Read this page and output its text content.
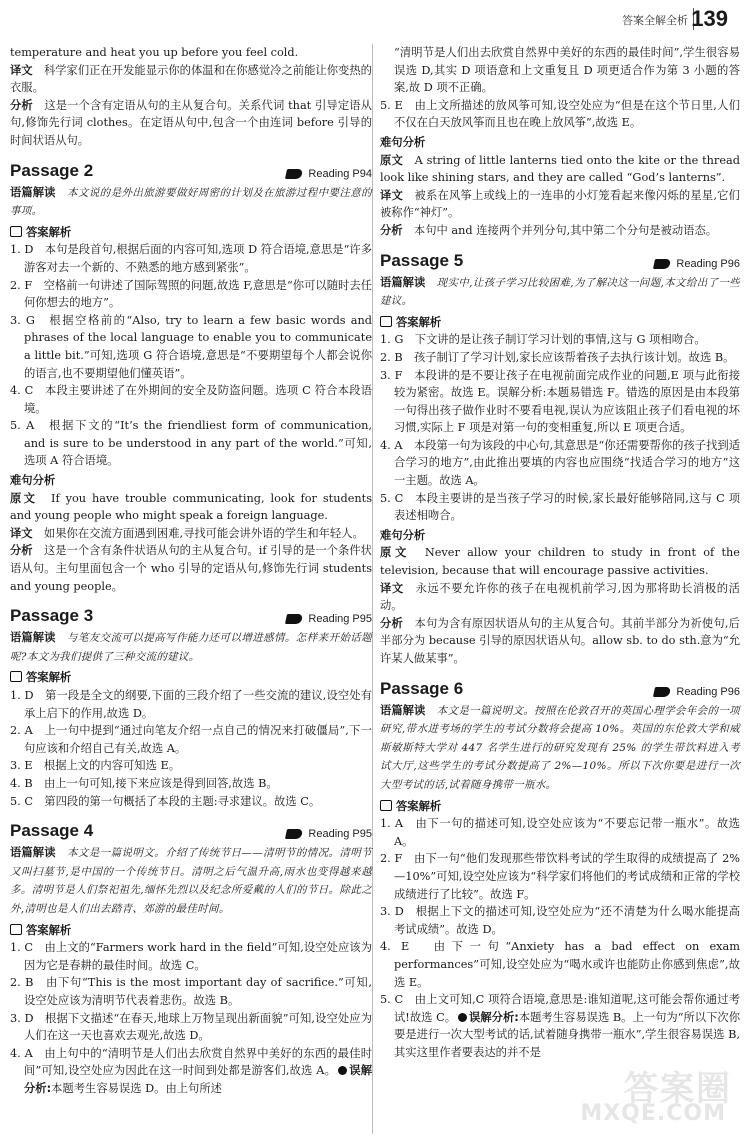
答案全解全析 139

temperature and heat you up before you feel cold.

译文　 科学家们正在开发能显示你的体温和在你感觉冷之前能让你变热的衣服。

分析　 这是一个含有定语从句的主从复合句。关系代词 that 引导定语从句,修饰先行词 clothes。在定语从句中,包含一个由连词 before 引导的时间状语从句。

Passage 2	Reading P94

语篇解读　 本文说的是外出旅游要做好周密的计划及在旅游过程中要注意的事项。

答案解析

1. D　本句是段首句,根据后面的内容可知,选项 D 符合语境,意思是“许多游客对去一个新的、不熟悉的地方感到紧张”。

2. F　空格前一句讲述了国际驾照的问题,故选 F,意思是“你可以随时去任何你想去的地方”。

3. G　根据空格前的“Also, try to learn a few basic words and phrases of the local language to enable you to communicate a little bit.”可知,选项 G 符合语境,意思是“不要期望每个人都会说你的语言,也不要期望他们懂英语”。

4. C　本段主要讲述了在外期间的安全及防盗问题。选项 C 符合本段语境。

5. A　根据下文的“It’s the friendliest form of communication, and is sure to be understood in any part of the world.”可知,选项 A 符合语境。

难句分析

原文　 If you have trouble communicating, look for students and young people who might speak a foreign language.

译文　 如果你在交流方面遇到困难,寻找可能会讲外语的学生和年轻人。

分析　 这是一个含有条件状语从句的主从复合句。if 引导的是一个条件状语从句。主句里面包含一个 who 引导的定语从句,修饰先行词 students and young people。

Passage 3	Reading P95

语篇解读　 与笔友交流可以提高写作能力还可以增进感情。怎样来开始话题呢?本文为我们提供了三种交流的建议。

答案解析

1. D　第一段是全文的纲要,下面的三段介绍了一些交流的建议,设空处有承上启下的作用,故选 D。

2. A　上一句中提到“通过向笔友介绍一点自己的情况来打破僵局”,下一句应该和介绍自己有关,故选 A。

3. E　根据上文的内容可知选 E。

4. B　由上一句可知,接下来应该是得到回答,故选 B。

5. C　第四段的第一句概括了本段的主题:寻求建议。故选 C。

Passage 4	Reading P95

语篇解读　 本文是一篇说明文。介绍了传统节日——清明节的情况。清明节又叫扫墓节,是中国的一个传统节日。清明之后气温升高,雨水也变得越来越多。清明节是人们祭祀祖先,缅怀先烈以及纪念所爱戴的人们的节日。除此之外,清明也是人们出去踏青、郊游的最佳时间。

答案解析

1. C　由上文的“Farmers work hard in the field”可知,设空处应该为因为它是春耕的最佳时间。故选 C。

2. B　由下句“This is the most important day of sacrifice.”可知,设空处应该为清明节代表着悲伤。故选 B。

3. D　根据下文描述“在春天,地球上万物呈现出新面貌”可知,设空处应为人们在这一天也喜欢去观光,故选 D。

4. A　由上句中的“清明节是人们出去欣赏自然界中美好的东西的最佳时间”可知,设空处应为因此在这一时间到处都是游客们,故选 A。 误解分析:本题考生容易误选 D。由上句所述

“清明节是人们出去欣赏自然界中美好的东西的最佳时间”,学生很容易误选 D,其实 D 项语意和上文重复且 D 项更适合作为第 3 小题的答案,故 D 项不正确。

5. E　由上文所描述的放风筝可知,设空处应为“但是在这个节日里,人们不仅在白天放风筝而且也在晚上放风筝”,故选 E。

难句分析

原文　 A string of little lanterns tied onto the kite or the thread look like shining stars, and they are called “God’s lanterns”.

译文　 被系在风筝上或线上的一连串的小灯笼看起来像闪烁的星星,它们被称作“神灯”。

分析　 本句中 and 连接两个并列分句,其中第二个分句是被动语态。

Passage 5	Reading P96

语篇解读　 现实中,让孩子学习比较困难,为了解决这一问题,本文给出了一些建议。

答案解析

1. G　下文讲的是让孩子制订学习计划的事情,这与 G 项相吻合。

2. B　孩子制订了学习计划,家长应该帮着孩子去执行该计划。故选 B。

3. F　本段讲的是不要让孩子在电视前面完成作业的问题,E 项与此衔接较为紧密。故选 E。误解分析:本题易错选 F。错选的原因是由本段第一句得出孩子做作业时不要看电视,误认为应该阻止孩子们看电视的坏习惯,实际上 F 项是对第一句的变相重复,所以 E 项更合适。

4. A　本段第一句为该段的中心句,其意思是“你还需要帮你的孩子找到适合学习的地方”,由此推出要填的内容也应围绕“找适合学习的地方”这一主题。故选 A。

5. C　本段主要讲的是当孩子学习的时候,家长最好能够陪同,这与 C 项表述相吻合。

难句分析

原文　 Never allow your children to study in front of the television, because that will encourage passive activities.

译文　 永远不要允许你的孩子在电视机前学习,因为那将助长消极的活动。

分析　 本句为含有原因状语从句的主从复合句。其前半部分为祈使句,后半部分为 because 引导的原因状语从句。allow sb. to do sth.意为“允许某人做某事”。

Passage 6	Reading P96

语篇解读　 本文是一篇说明文。按照在伦敦召开的英国心理学会年会的一项研究,带水进考场的学生的考试分数将会提高 10%。英国的东伦敦大学和威斯敏斯特大学对 447 名学生进行的研究发现有 25% 的学生带饮料进入考试大厅,这些学生的考试分数提高了 2%—10%。所以下次你要是进行一次大型考试的话,试着随身携带一瓶水。

答案解析

1. A　由下一句的描述可知,设空处应该为“不要忘记带一瓶水”。故选 A。

2. F　由下一句“他们发现那些带饮料考试的学生取得的成绩提高了 2%—10%”可知,设空处应该为“科学家们将他们的考试成绩和正常的学校成绩进行了比较”。故选 F。

3. D　根据上下文的描述可知,设空处应为“还不清楚为什么喝水能提高考试成绩”。故选 D。

4. E　由下一句“Anxiety has a bad effect on exam performances”可知,设空处应为“喝水或许也能防止你感到焦虑”,故选 E。

5. C　由上文可知,C 项符合语境,意思是:谁知道呢,这可能会帮你通过考试!故选 C。 误解分析:本题考生容易误选 B。上一句为“所以下次你要是进行一次大型考试的话,试着随身携带一瓶水”,学生很容易误选 B,其实这里作者要表达的并不是

答案圈
MXQE.COM
